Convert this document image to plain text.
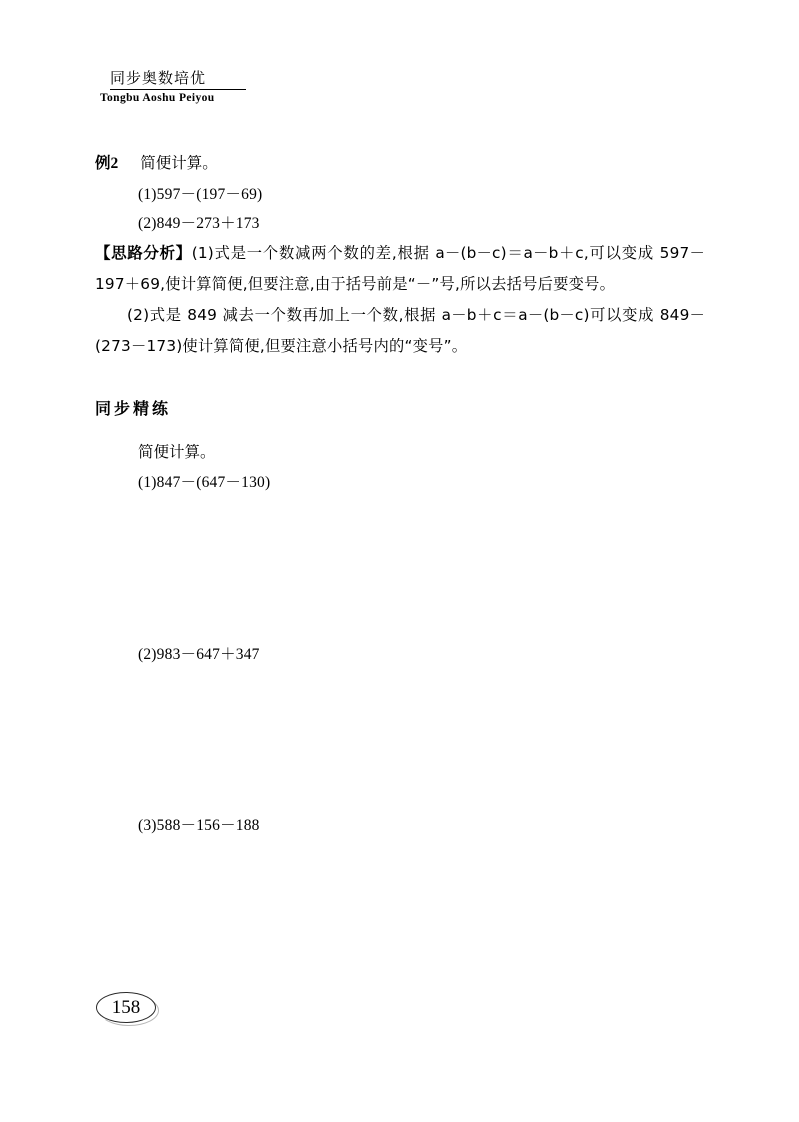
同步奥数培优
Tongbu Aoshu Peiyou
例2 简便计算。
(1)597－(197－69)
(2)849－273＋173
【思路分析】(1)式是一个数减两个数的差,根据 a－(b－c)＝a－b＋c,可以变成 597－197＋69,使计算简便,但要注意,由于括号前是“－”号,所以去括号后要变号。
(2)式是 849 减去一个数再加上一个数,根据 a－b＋c＝a－(b－c)可以变成 849－(273－173)使计算简便,但要注意小括号内的“变号”。
同步精练
简便计算。
(1)847－(647－130)
(2)983－647＋347
(3)588－156－188
158
